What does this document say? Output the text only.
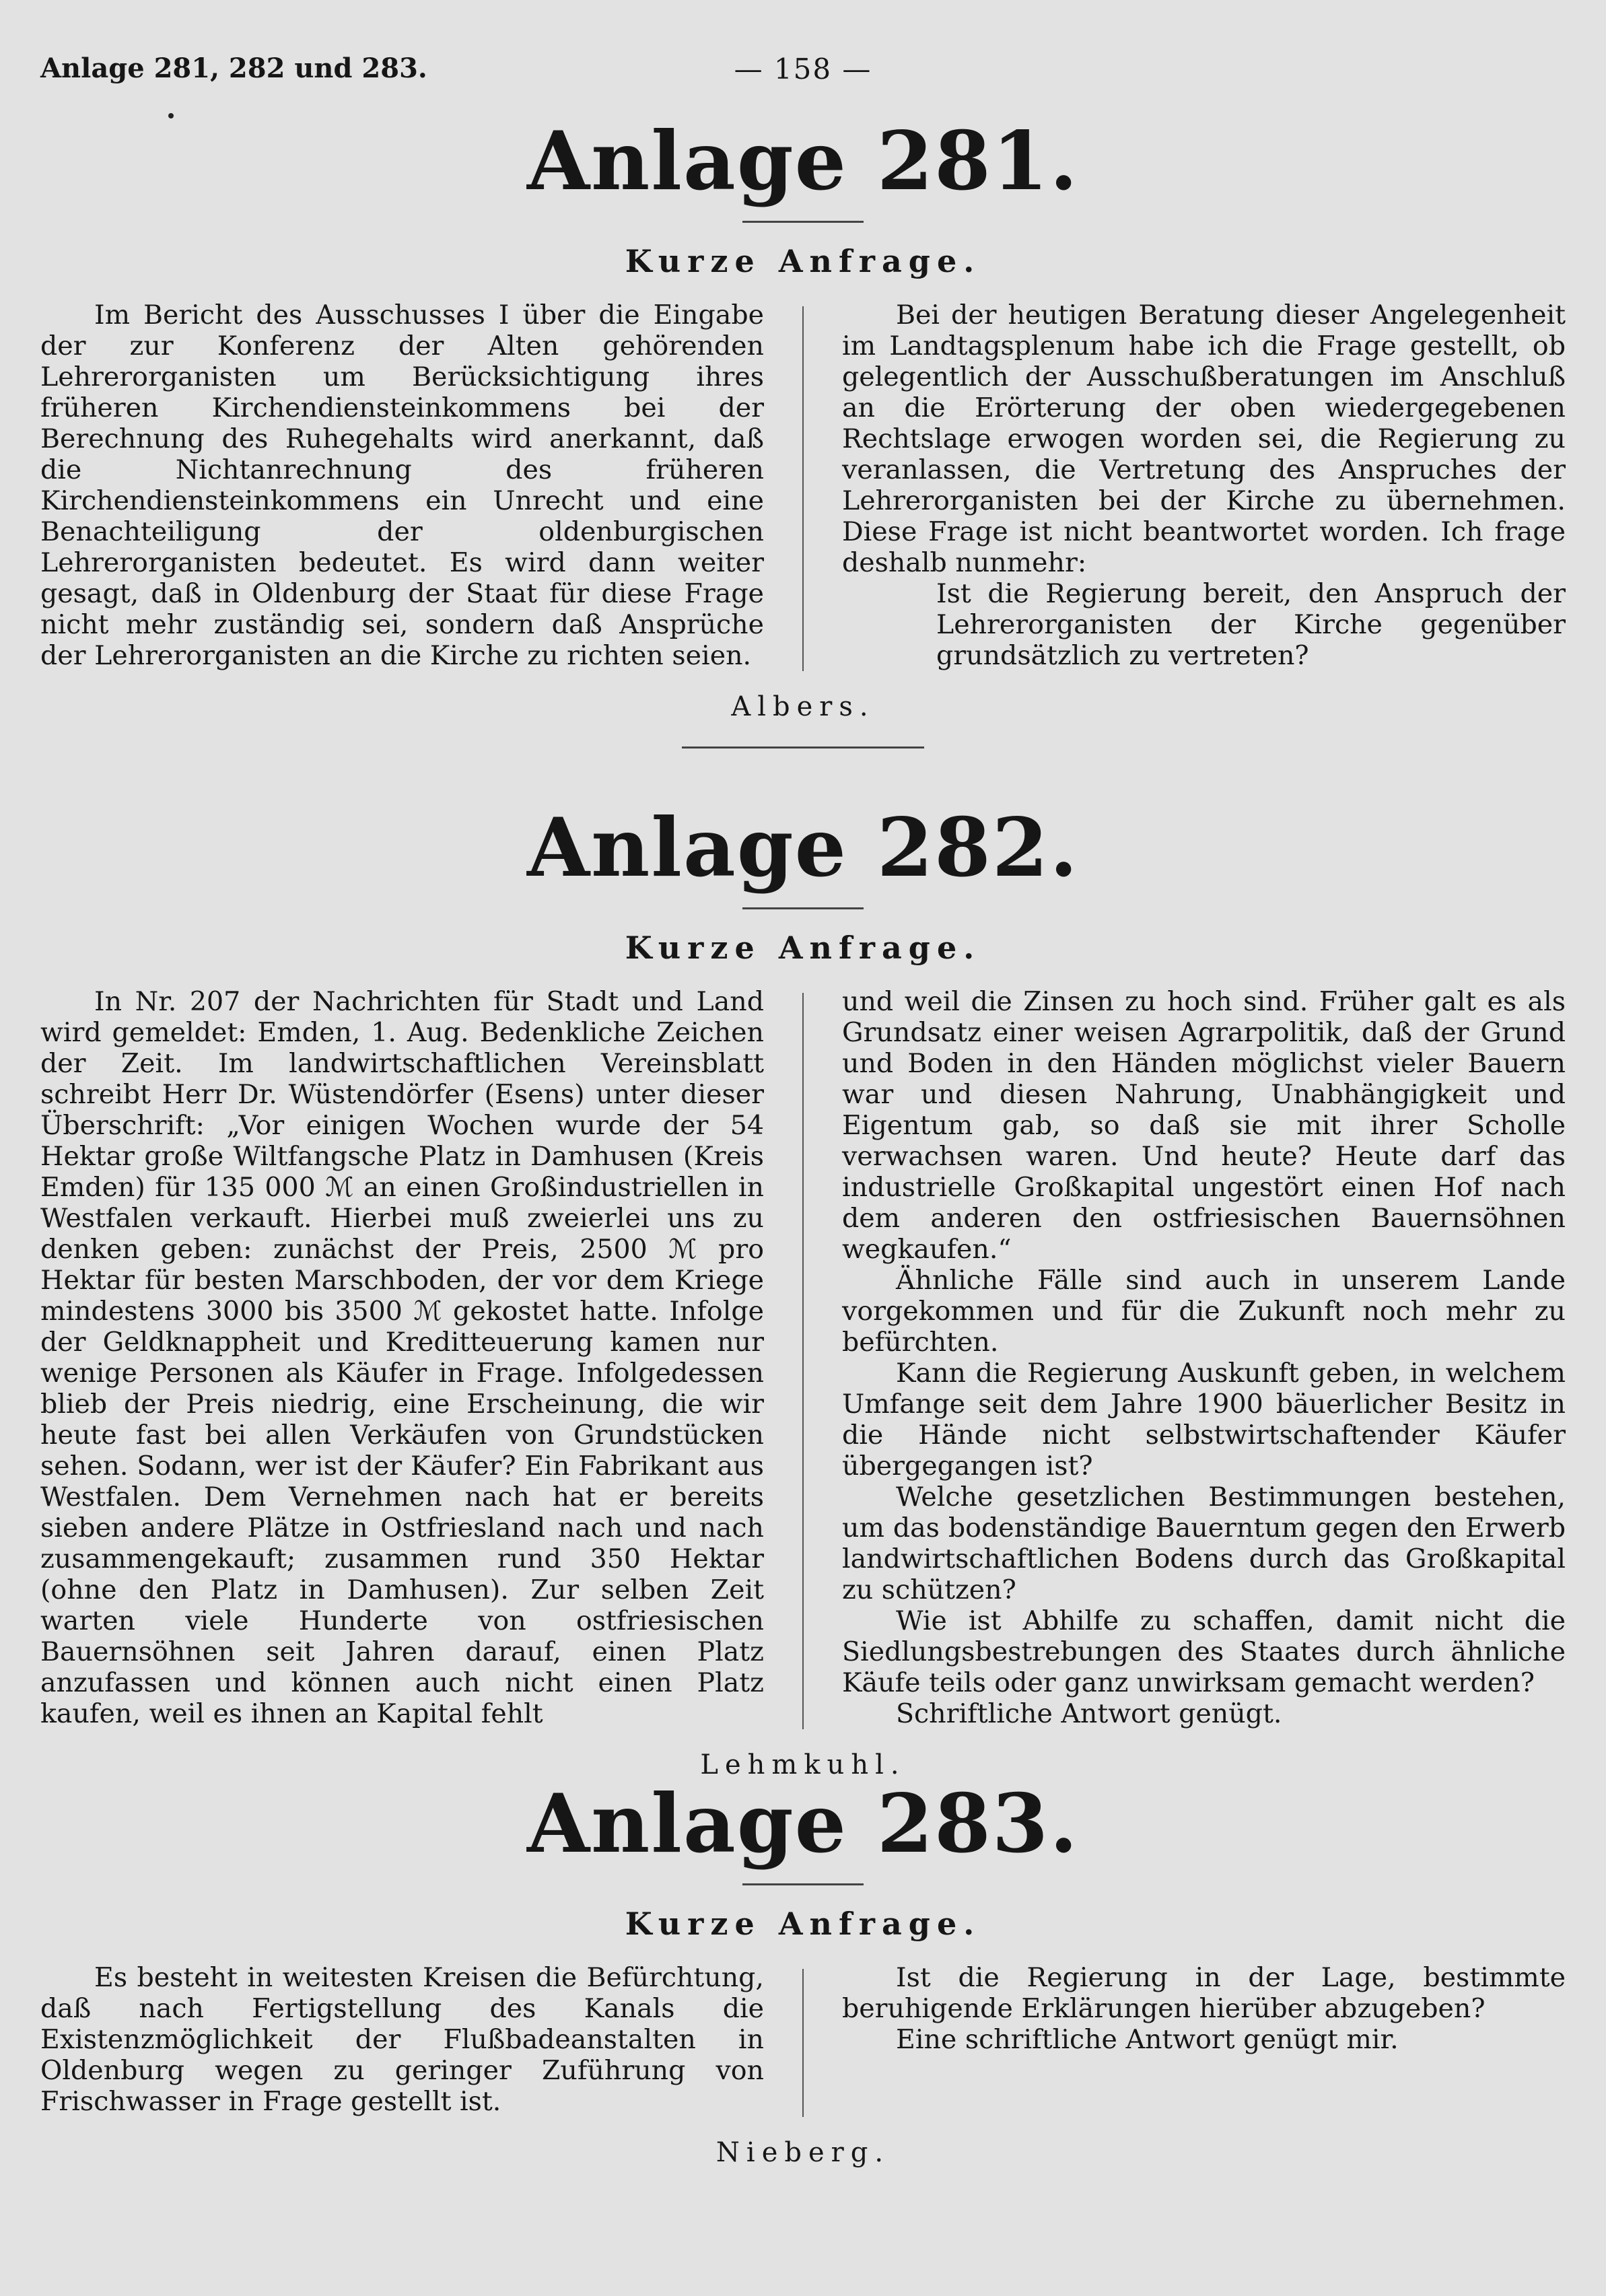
Anlage 281, 282 und 283.	— 158 —
Anlage 281.
Kurze Anfrage.

Im Bericht des Ausschusses I über die Eingabe der zur Konferenz der Alten gehörenden Lehrerorganisten um Berücksichtigung ihres früheren Kirchendiensteinkommens bei der Berechnung des Ruhegehalts wird anerkannt, daß die Nichtanrechnung des früheren Kirchendiensteinkommens ein Unrecht und eine Benachteiligung der oldenburgischen Lehrerorganisten bedeutet. Es wird dann weiter gesagt, daß in Oldenburg der Staat für diese Frage nicht mehr zuständig sei, sondern daß Ansprüche der Lehrerorganisten an die Kirche zu richten seien.

Bei der heutigen Beratung dieser Angelegenheit im Landtagsplenum habe ich die Frage gestellt, ob gelegentlich der Ausschußberatungen im Anschluß an die Erörterung der oben wiedergegebenen Rechtslage erwogen worden sei, die Regierung zu veranlassen, die Vertretung des Anspruches der Lehrerorganisten bei der Kirche zu übernehmen. Diese Frage ist nicht beantwortet worden. Ich frage deshalb nunmehr:

Ist die Regierung bereit, den Anspruch der Lehrerorganisten der Kirche gegenüber grundsätzlich zu vertreten?

Albers.
Anlage 282.
Kurze Anfrage.

In Nr. 207 der Nachrichten für Stadt und Land wird gemeldet: Emden, 1. Aug. Bedenkliche Zeichen der Zeit. Im landwirtschaftlichen Vereinsblatt schreibt Herr Dr. Wüstendörfer (Esens) unter dieser Überschrift: „Vor einigen Wochen wurde der 54 Hektar große Wiltfangsche Platz in Damhusen (Kreis Emden) für 135 000 ℳ an einen Großindustriellen in Westfalen verkauft. Hierbei muß zweierlei uns zu denken geben: zunächst der Preis, 2500 ℳ pro Hektar für besten Marschboden, der vor dem Kriege mindestens 3000 bis 3500 ℳ gekostet hatte. Infolge der Geldknappheit und Kreditteuerung kamen nur wenige Personen als Käufer in Frage. Infolgedessen blieb der Preis niedrig, eine Erscheinung, die wir heute fast bei allen Verkäufen von Grundstücken sehen. Sodann, wer ist der Käufer? Ein Fabrikant aus Westfalen. Dem Vernehmen nach hat er bereits sieben andere Plätze in Ostfriesland nach und nach zusammengekauft; zusammen rund 350 Hektar (ohne den Platz in Damhusen). Zur selben Zeit warten viele Hunderte von ostfriesischen Bauernsöhnen seit Jahren darauf, einen Platz anzufassen und können auch nicht einen Platz kaufen, weil es ihnen an Kapital fehlt

und weil die Zinsen zu hoch sind. Früher galt es als Grundsatz einer weisen Agrarpolitik, daß der Grund und Boden in den Händen möglichst vieler Bauern war und diesen Nahrung, Unabhängigkeit und Eigentum gab, so daß sie mit ihrer Scholle verwachsen waren. Und heute? Heute darf das industrielle Großkapital ungestört einen Hof nach dem anderen den ostfriesischen Bauernsöhnen wegkaufen.“

Ähnliche Fälle sind auch in unserem Lande vorgekommen und für die Zukunft noch mehr zu befürchten.

Kann die Regierung Auskunft geben, in welchem Umfange seit dem Jahre 1900 bäuerlicher Besitz in die Hände nicht selbstwirtschaftender Käufer übergegangen ist?

Welche gesetzlichen Bestimmungen bestehen, um das bodenständige Bauerntum gegen den Erwerb landwirtschaftlichen Bodens durch das Großkapital zu schützen?

Wie ist Abhilfe zu schaffen, damit nicht die Siedlungsbestrebungen des Staates durch ähnliche Käufe teils oder ganz unwirksam gemacht werden?

Schriftliche Antwort genügt.

Lehmkuhl.
Anlage 283.
Kurze Anfrage.

Es besteht in weitesten Kreisen die Befürchtung, daß nach Fertigstellung des Kanals die Existenzmöglichkeit der Flußbadeanstalten in Oldenburg wegen zu geringer Zuführung von Frischwasser in Frage gestellt ist.

Ist die Regierung in der Lage, bestimmte beruhigende Erklärungen hierüber abzugeben?

Eine schriftliche Antwort genügt mir.

Nieberg.
